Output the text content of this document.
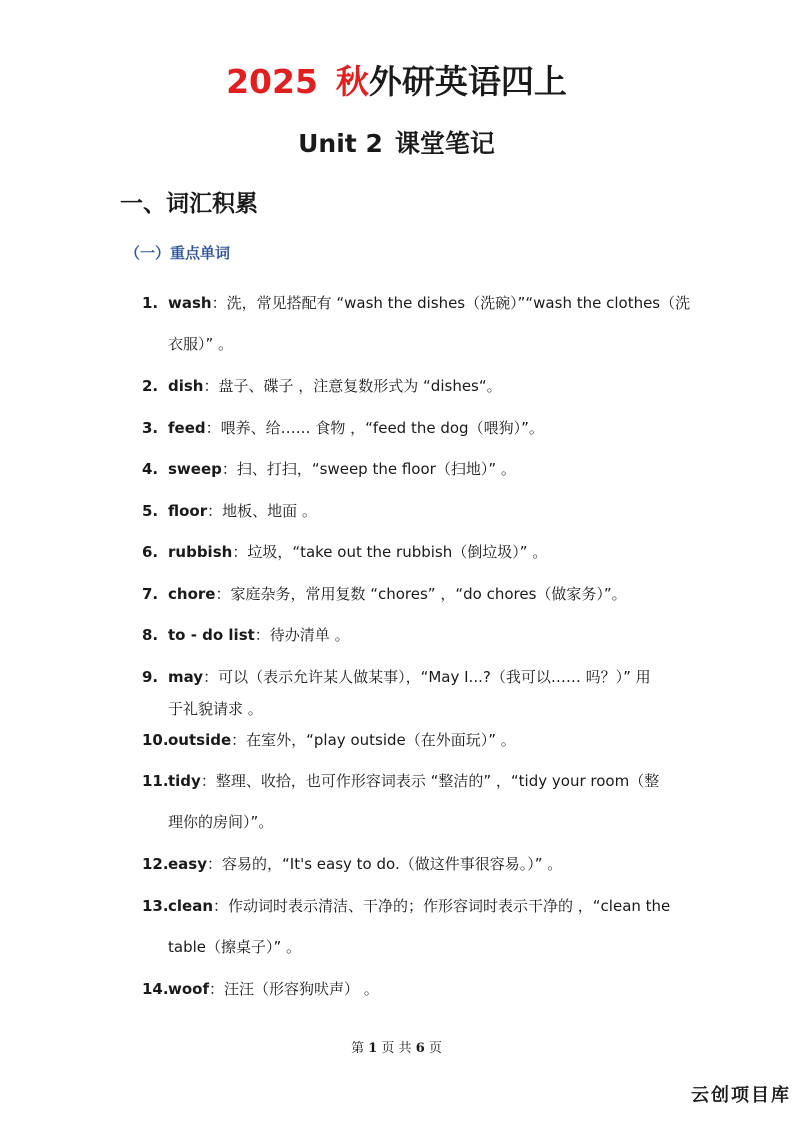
2025 秋外研英语四上
Unit 2 课堂笔记
一、词汇积累
（一）重点单词
1. wash：洗，常见搭配有 “wash the dishes（洗碗）”“wash the clothes（洗
衣服）” 。
2. dish：盘子、碟子 ，注意复数形式为 “dishes“。
3. feed：喂养、给…… 食物 ，“feed the dog（喂狗）”。
4. sweep：扫、打扫，“sweep the floor（扫地）” 。
5. floor：地板、地面 。
6. rubbish：垃圾，“take out the rubbish（倒垃圾）” 。
7. chore：家庭杂务，常用复数 “chores” ，“do chores（做家务）”。
8. to - do list：待办清单 。
9. may：可以（表示允许某人做某事），“May I...?（我可以…… 吗？）” 用
于礼貌请求 。
10.outside：在室外，“play outside（在外面玩）” 。
11.tidy：整理、收拾，也可作形容词表示 “整洁的” ，“tidy your room（整
理你的房间）”。
12.easy：容易的，“It's easy to do.（做这件事很容易。）” 。
13.clean：作动词时表示清洁、干净的；作形容词时表示干净的 ，“clean the
table（擦桌子）” 。
14.woof：汪汪（形容狗吠声） 。
第 1 页 共 6 页
云创项目库
